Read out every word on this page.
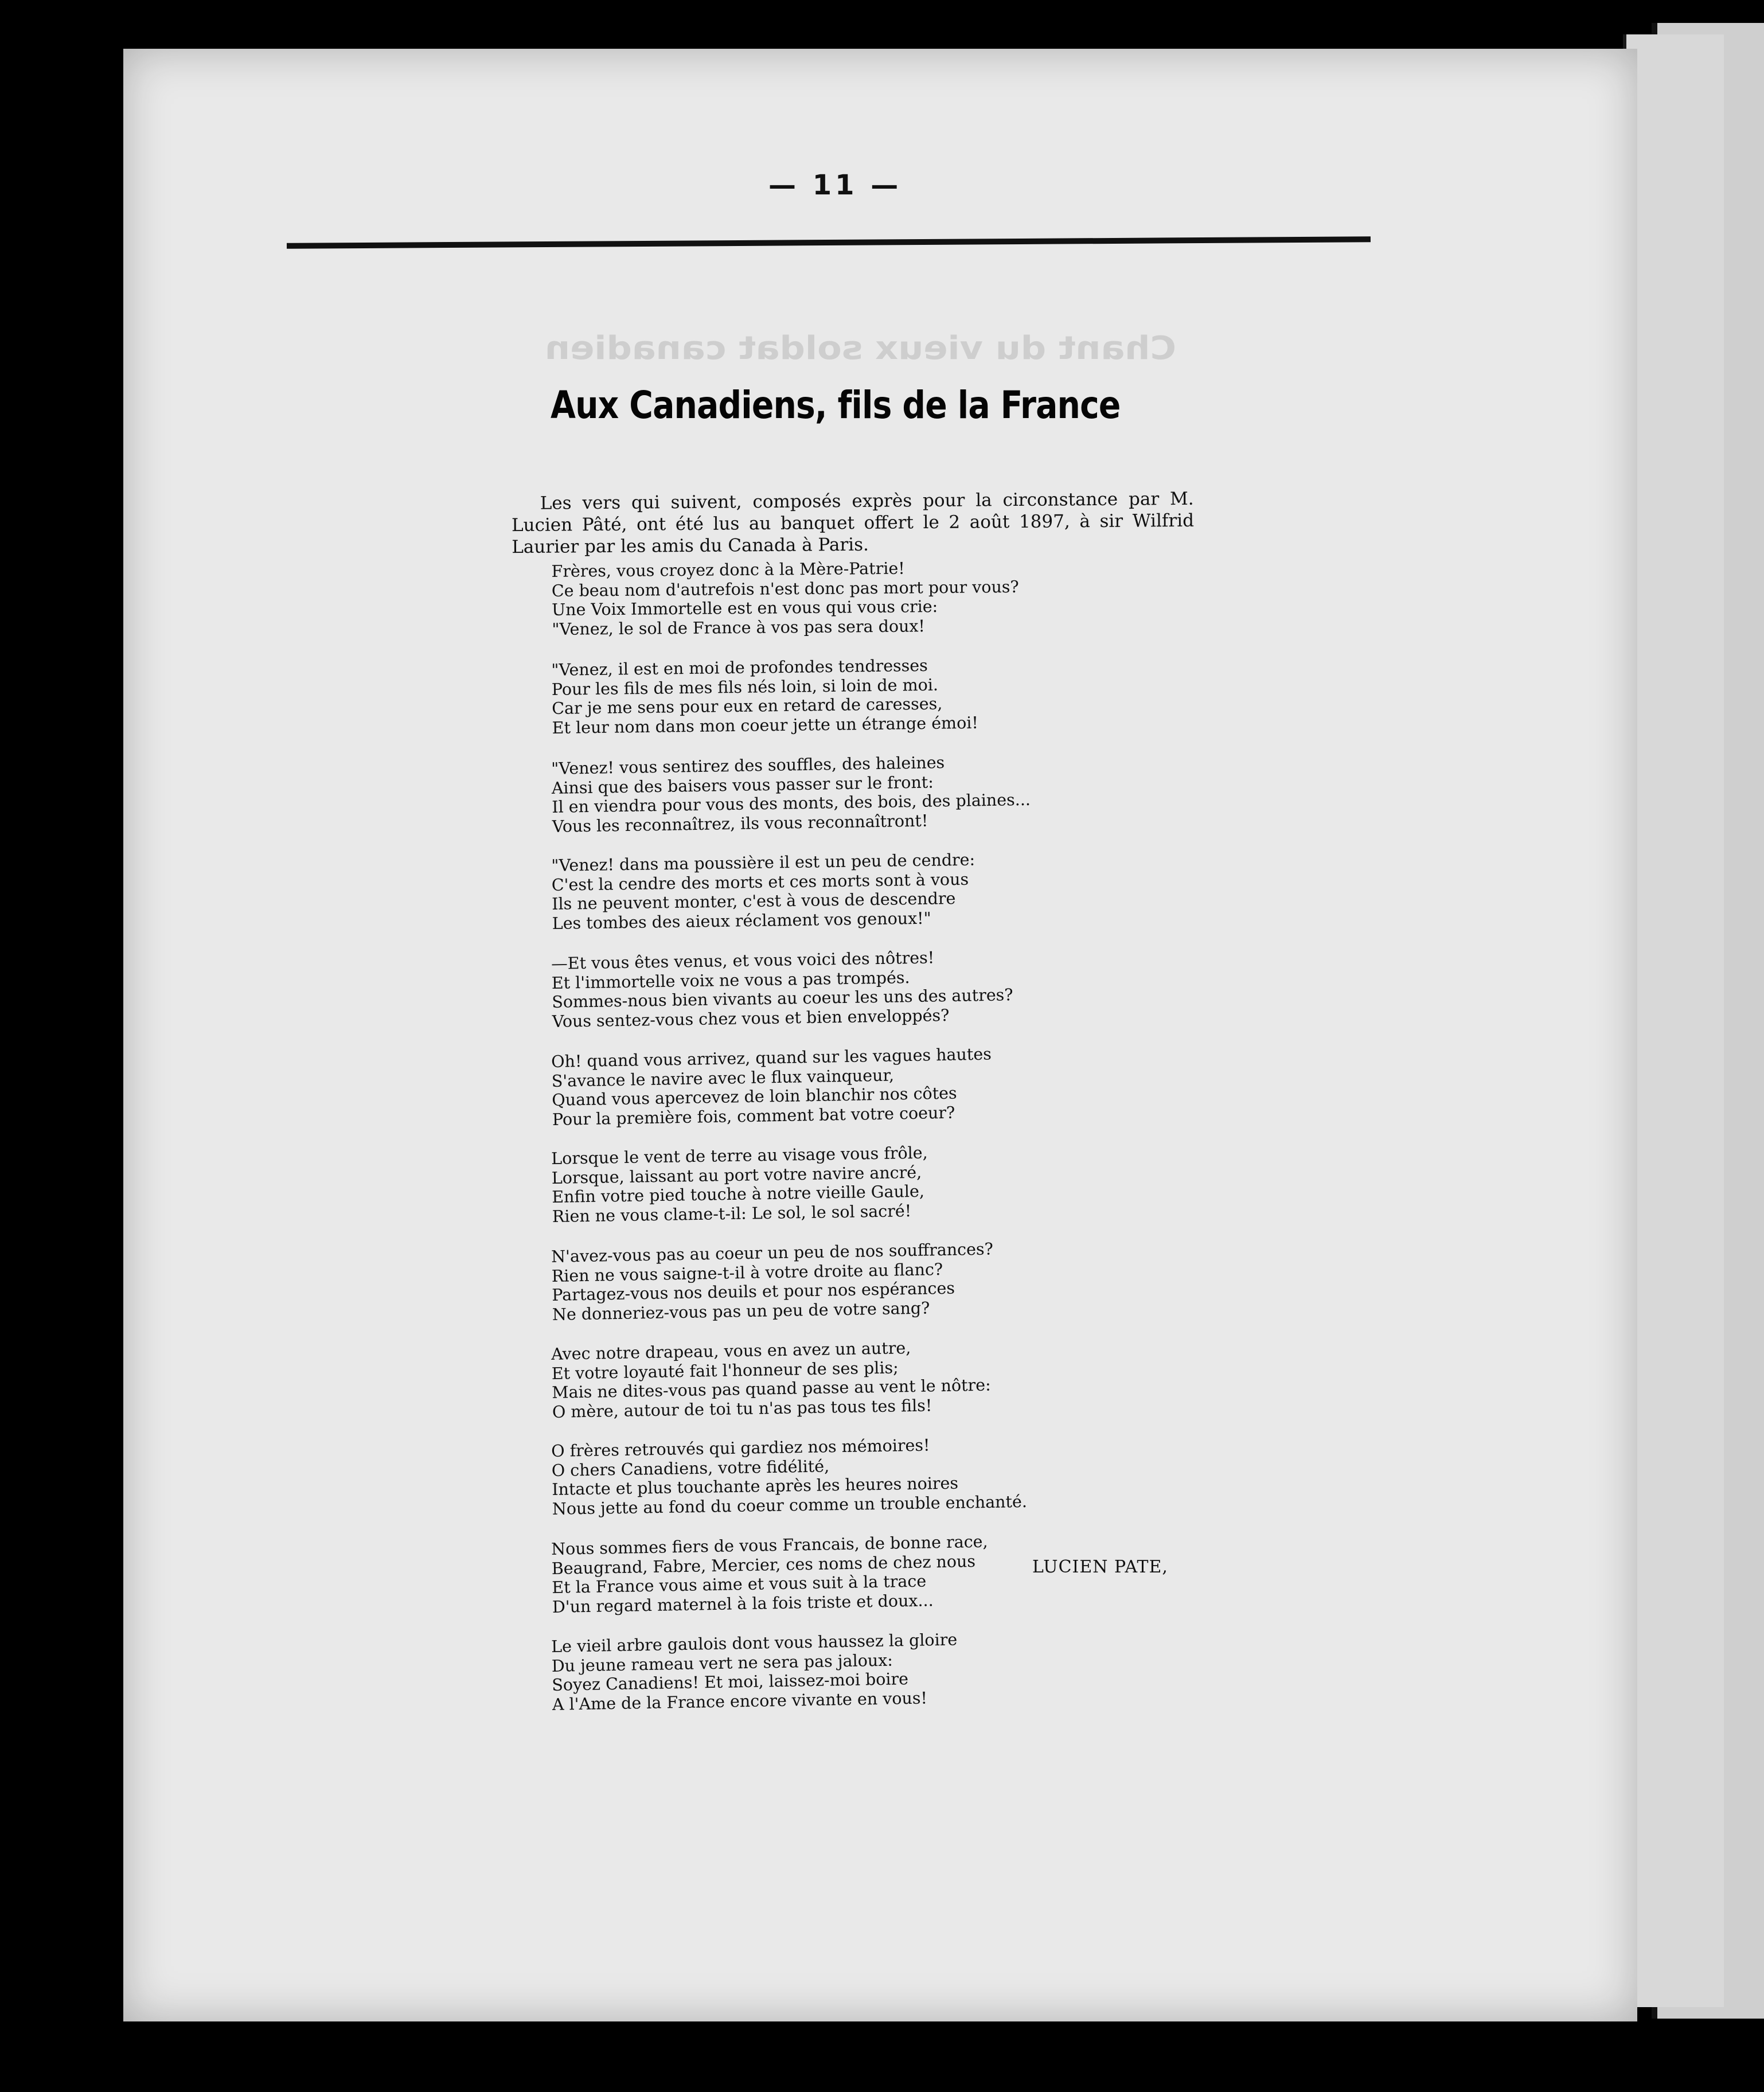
— 11 —
Chant du vieux soldat canadien
Aux Canadiens, fils de la France
Les vers qui suivent, composés exprès pour la circonstance par M. Lucien Pâté, ont été lus au banquet offert le 2 août 1897, à sir Wilfrid Laurier par les amis du Canada à Paris.
Frères, vous croyez donc à la Mère-Patrie!
Ce beau nom d'autrefois n'est donc pas mort pour vous?
Une Voix Immortelle est en vous qui vous crie:
"Venez, le sol de France à vos pas sera doux!
"Venez, il est en moi de profondes tendresses
Pour les fils de mes fils nés loin, si loin de moi.
Car je me sens pour eux en retard de caresses,
Et leur nom dans mon coeur jette un étrange émoi!
"Venez! vous sentirez des souffles, des haleines
Ainsi que des baisers vous passer sur le front:
Il en viendra pour vous des monts, des bois, des plaines...
Vous les reconnaîtrez, ils vous reconnaîtront!
"Venez! dans ma poussière il est un peu de cendre:
C'est la cendre des morts et ces morts sont à vous
Ils ne peuvent monter, c'est à vous de descendre
Les tombes des aieux réclament vos genoux!"
—Et vous êtes venus, et vous voici des nôtres!
Et l'immortelle voix ne vous a pas trompés.
Sommes-nous bien vivants au coeur les uns des autres?
Vous sentez-vous chez vous et bien enveloppés?
Oh! quand vous arrivez, quand sur les vagues hautes
S'avance le navire avec le flux vainqueur,
Quand vous apercevez de loin blanchir nos côtes
Pour la première fois, comment bat votre coeur?
Lorsque le vent de terre au visage vous frôle,
Lorsque, laissant au port votre navire ancré,
Enfin votre pied touche à notre vieille Gaule,
Rien ne vous clame-t-il: Le sol, le sol sacré!
N'avez-vous pas au coeur un peu de nos souffrances?
Rien ne vous saigne-t-il à votre droite au flanc?
Partagez-vous nos deuils et pour nos espérances
Ne donneriez-vous pas un peu de votre sang?
Avec notre drapeau, vous en avez un autre,
Et votre loyauté fait l'honneur de ses plis;
Mais ne dites-vous pas quand passe au vent le nôtre:
O mère, autour de toi tu n'as pas tous tes fils!
O frères retrouvés qui gardiez nos mémoires!
O chers Canadiens, votre fidélité,
Intacte et plus touchante après les heures noires
Nous jette au fond du coeur comme un trouble enchanté.
Nous sommes fiers de vous Francais, de bonne race,
Beaugrand, Fabre, Mercier, ces noms de chez nous
Et la France vous aime et vous suit à la trace
D'un regard maternel à la fois triste et doux...
Le vieil arbre gaulois dont vous haussez la gloire
Du jeune rameau vert ne sera pas jaloux:
Soyez Canadiens! Et moi, laissez-moi boire
A l'Ame de la France encore vivante en vous!
LUCIEN PATE,
